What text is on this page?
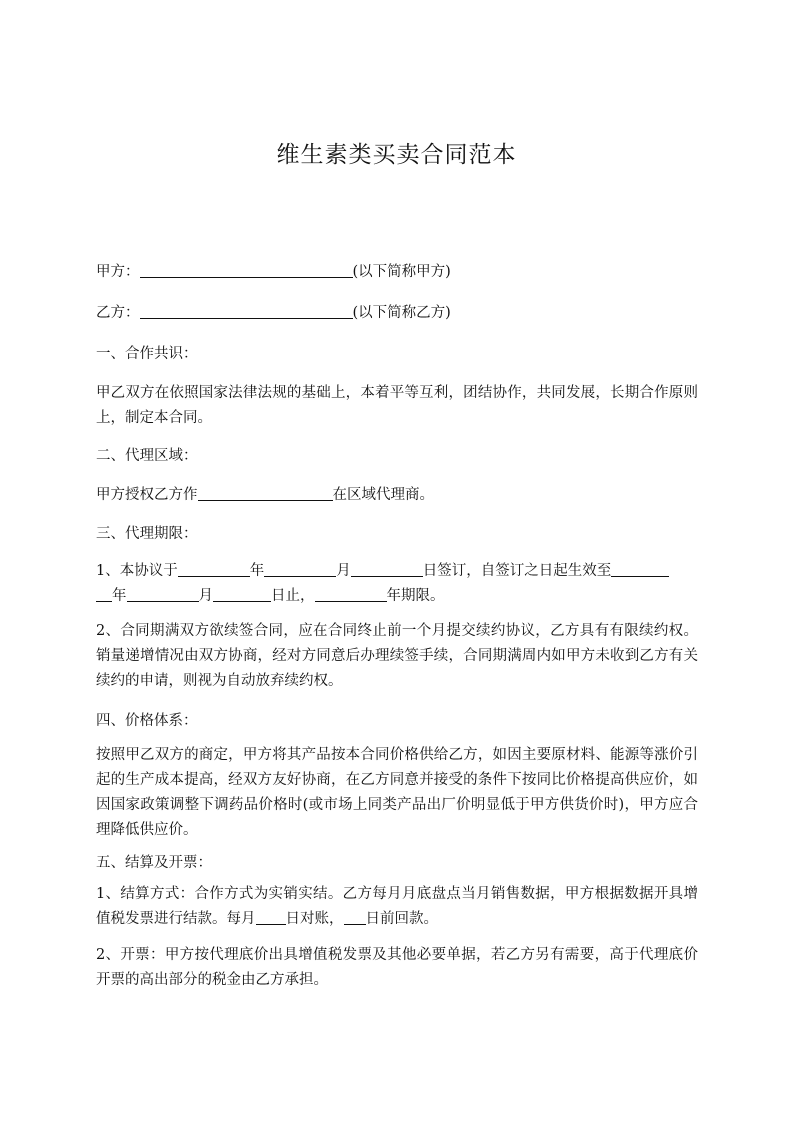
维生素类买卖合同范本
甲方：	(以下简称甲方)
乙方：	(以下简称乙方)
一、合作共识：
甲乙双方在依照国家法律法规的基础上，本着平等互利，团结协作，共同发展，长期合作原则上，制定本合同。
二、代理区域：
甲方授权乙方作	在区域代理商。
三、代理期限：
1、本协议于	年	月	日签订，自签订之日起生效至
年	月	日止，	年期限。
2、合同期满双方欲续签合同，应在合同终止前一个月提交续约协议，乙方具有有限续约权。销量递增情况由双方协商，经对方同意后办理续签手续，合同期满周内如甲方未收到乙方有关续约的申请，则视为自动放弃续约权。
四、价格体系：
按照甲乙双方的商定，甲方将其产品按本合同价格供给乙方，如因主要原材料、能源等涨价引起的生产成本提高，经双方友好协商，在乙方同意并接受的条件下按同比价格提高供应价，如因国家政策调整下调药品价格时(或市场上同类产品出厂价明显低于甲方供货价时)，甲方应合理降低供应价。
五、结算及开票：
1、结算方式：合作方式为实销实结。乙方每月月底盘点当月销售数据，甲方根据数据开具增值税发票进行结款。每月 日对账， 日前回款。
2、开票：甲方按代理底价出具增值税发票及其他必要单据，若乙方另有需要，高于代理底价开票的高出部分的税金由乙方承担。
